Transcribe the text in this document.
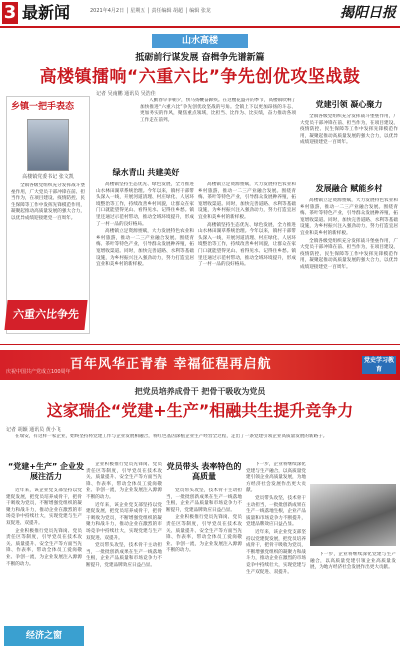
3 最新闻	2021年4月2日 │ 星期五 │ 责任编辑 胡超 │ 编辑 张龙	揭阳日报
山水高楼
抵砺前行谋发展 奋楫争先谱新篇
高楼镇擂响“六重六比”争先创优攻坚战鼓
乡镇一把手表态
高楼镇党委书记 张文凯

全镇各级党组织充分发挥战斗堡垒作用，广大党员干部冲锋在前、担当作为，在项目建设、疫情防控、民生保障等工作中发挥先锋模范作用，凝聚起推动高质量发展的强大合力，以优异成绩迎接建党一百周年。

六重六比争先
记者 吴南鹏 通讯员 吴浩佳

人勤春早争朝夕，快马扬鞭奋蹄疾。在这樱花盛开的季节，高楼镇吹响了加快推进“六重六比”争先创优攻坚战的号角。全镇上下以更加昂扬的斗志、更加务实的作风，聚焦重点领域，比担当、比作为、比实绩，奋力推动各项工作走在前列。

绿水青山 共建美好

高楼镇坚持生态优先、绿色发展，全力推进山水林田湖草系统治理。今年以来，镇村干部带头深入一线，开展河道清理、村庄绿化、人居环境整治等工作，持续改善乡村风貌，让群众在家门口就能望得见山、看得见水、记得住乡愁。镇里还通过示范村带动，推动全域环境提升，形成了一村一品的良好格局。

高楼镇立足资源禀赋，大力发展特色农业和乡村旅游，推动一二三产业融合发展。围绕青梅、茶叶等特色产业，引导群众发展种养殖，拓宽增收渠道。同时，加快完善道路、水利等基础设施，为乡村振兴注入强劲动力，努力打造宜居宜业和美乡村的新样板。

高楼镇立足资源禀赋，大力发展特色农业和乡村旅游，推动一二三产业融合发展。围绕青梅、茶叶等特色产业，引导群众发展种养殖，拓宽增收渠道。同时，加快完善道路、水利等基础设施，为乡村振兴注入强劲动力，努力打造宜居宜业和美乡村的新样板。

高楼镇坚持生态优先、绿色发展，全力推进山水林田湖草系统治理。今年以来，镇村干部带头深入一线，开展河道清理、村庄绿化、人居环境整治等工作，持续改善乡村风貌，让群众在家门口就能望得见山、看得见水、记得住乡愁。镇里还通过示范村带动，推动全域环境提升，形成了一村一品的良好格局。

发展融合 赋能乡村

高楼镇立足资源禀赋，大力发展特色农业和乡村旅游，推动一二三产业融合发展。围绕青梅、茶叶等特色产业，引导群众发展种养殖，拓宽增收渠道。同时，加快完善道路、水利等基础设施，为乡村振兴注入强劲动力，努力打造宜居宜业和美乡村的新样板。

全镇各级党组织充分发挥战斗堡垒作用，广大党员干部冲锋在前、担当作为，在项目建设、疫情防控、民生保障等工作中发挥先锋模范作用，凝聚起推动高质量发展的强大合力，以优异成绩迎接建党一百周年。

党建引领 凝心聚力

全镇各级党组织充分发挥战斗堡垒作用，广大党员干部冲锋在前、担当作为，在项目建设、疫情防控、民生保障等工作中发挥先锋模范作用，凝聚起推动高质量发展的强大合力，以优异成绩迎接建党一百周年。

百年风华正青春 幸福征程再启航
庆祝中国共产党成立100周年
党史学习教育
把党员培养成骨干 把骨干吸收为党员
这家瑞企“党建+生产”相融共生提升竞争力
记者 胡颖 通讯员 黄小飞

在瑞安，有这样一家企业，始终坚持将党建工作与企业发展相融合，将红色基因深植企业生产经营全过程，走出了一条党建引领企业高质量发展的新路子。

“党建+生产” 企业发展注活力

近年来，该企业党支部坚持以党建促发展，把党员培养成骨干，把骨干吸收为党员，不断增强党组织的凝聚力和战斗力，推动企业在激烈的市场竞争中持续壮大，实现党建与生产双促进、双提升。

企业积极推行党员先锋岗、党员责任区等制度，引导党员在技术攻关、质量提升、安全生产等方面当先锋、作表率，带动全体员工爱岗敬业、争创一流，为企业发展注入源源不断的动力。

企业积极推行党员先锋岗、党员责任区等制度，引导党员在技术攻关、质量提升、安全生产等方面当先锋、作表率，带动全体员工爱岗敬业、争创一流，为企业发展注入源源不断的动力。

近年来，该企业党支部坚持以党建促发展，把党员培养成骨干，把骨干吸收为党员，不断增强党组织的凝聚力和战斗力，推动企业在激烈的市场竞争中持续壮大，实现党建与生产双促进、双提升。

党员带头攻坚，技术骨干主动担当，一批批创新成果在生产一线落地生根，企业产品质量和市场竞争力不断提升，党建品牌效应日益凸显。

党员带头 表率特色的高质量

党员带头攻坚，技术骨干主动担当，一批批创新成果在生产一线落地生根，企业产品质量和市场竞争力不断提升，党建品牌效应日益凸显。

企业积极推行党员先锋岗、党员责任区等制度，引导党员在技术攻关、质量提升、安全生产等方面当先锋、作表率，带动全体员工爱岗敬业、争创一流，为企业发展注入源源不断的动力。

下一步，企业将继续深化党建与生产融合，以高质量党建引领企业高质量发展，为地方经济社会发展作出更大贡献。

党员带头攻坚，技术骨干主动担当，一批批创新成果在生产一线落地生根，企业产品质量和市场竞争力不断提升，党建品牌效应日益凸显。

近年来，该企业党支部坚持以党建促发展，把党员培养成骨干，把骨干吸收为党员，不断增强党组织的凝聚力和战斗力，推动企业在激烈的市场竞争中持续壮大，实现党建与生产双促进、双提升。

下一步，企业将继续深化党建与生产融合，以高质量党建引领企业高质量发展，为地方经济社会发展作出更大贡献。

经济之窗
